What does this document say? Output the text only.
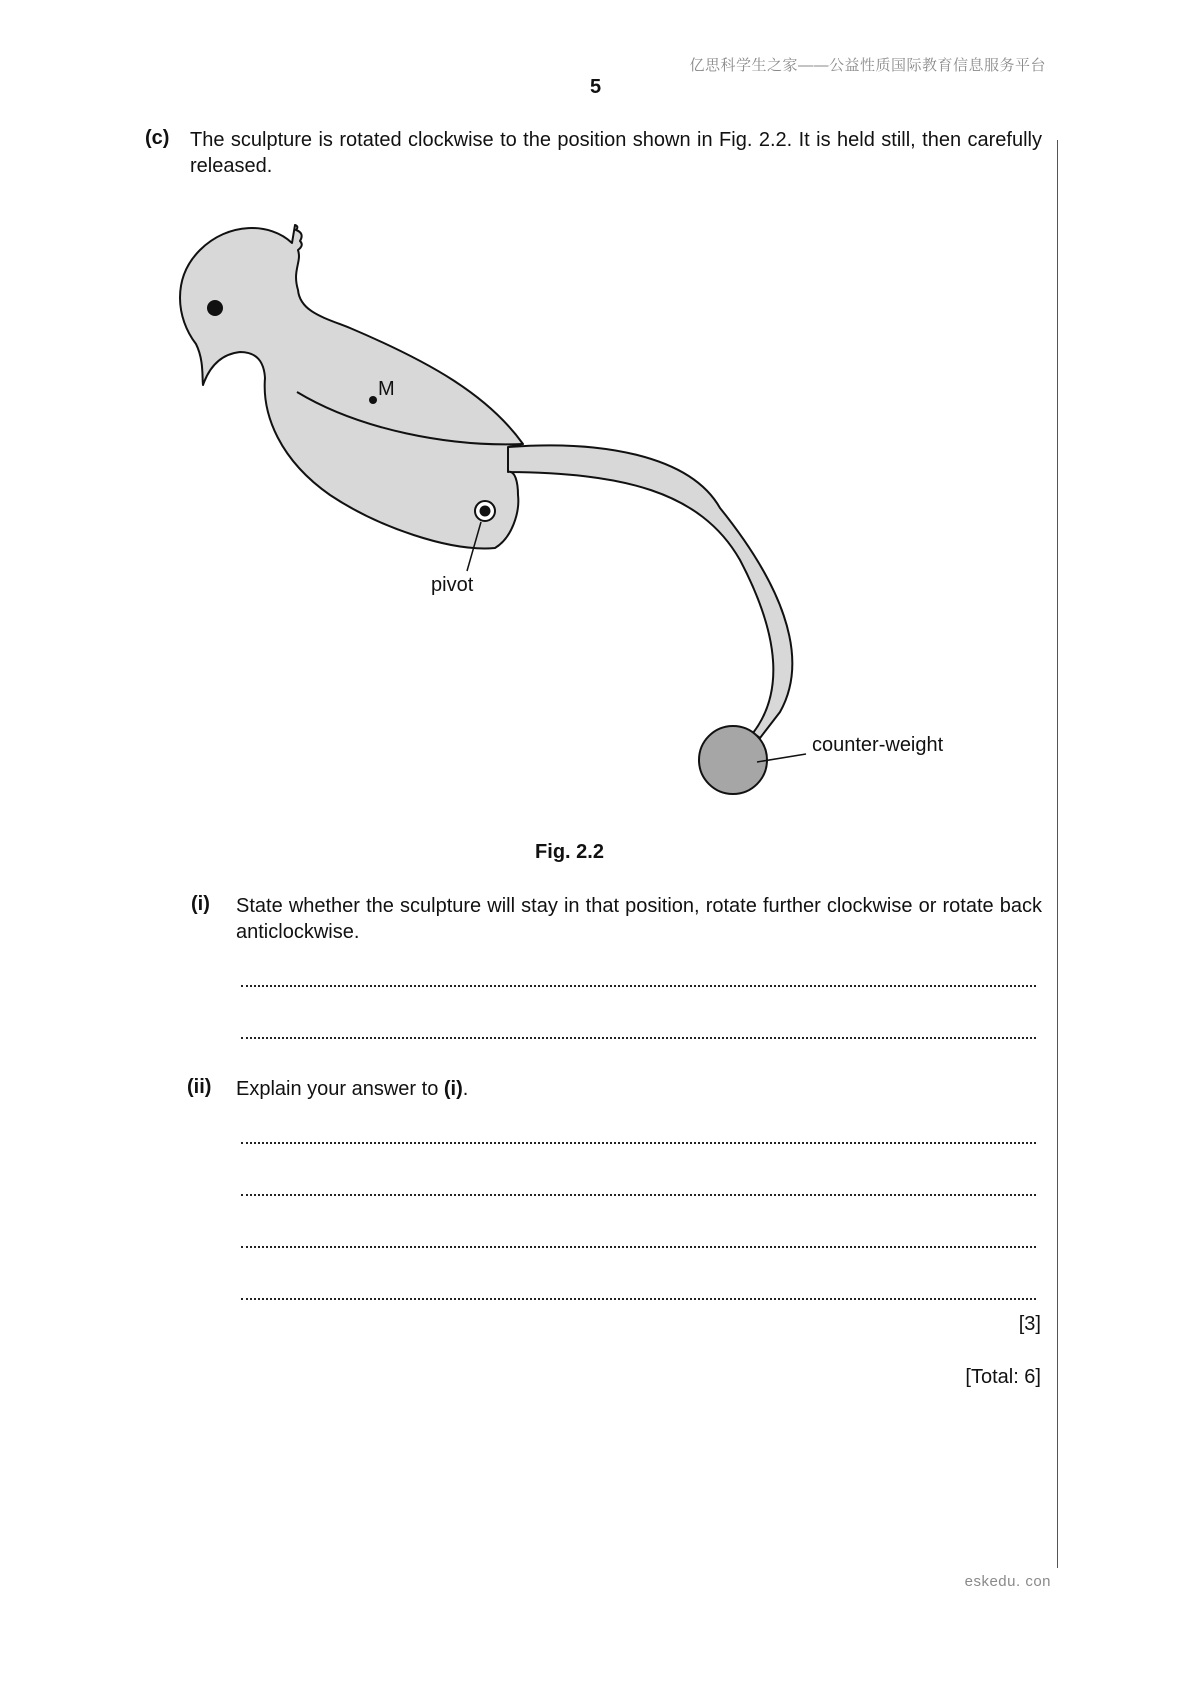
亿思科学生之家——公益性质国际教育信息服务平台
5
(c) The sculpture is rotated clockwise to the position shown in Fig. 2.2. It is held still, then carefully released.
M
pivot
counter-weight
Fig. 2.2
(i) State whether the sculpture will stay in that position, rotate further clockwise or rotate back anticlockwise.
(ii) Explain your answer to (i).
[3]
[Total: 6]
eskedu. con
